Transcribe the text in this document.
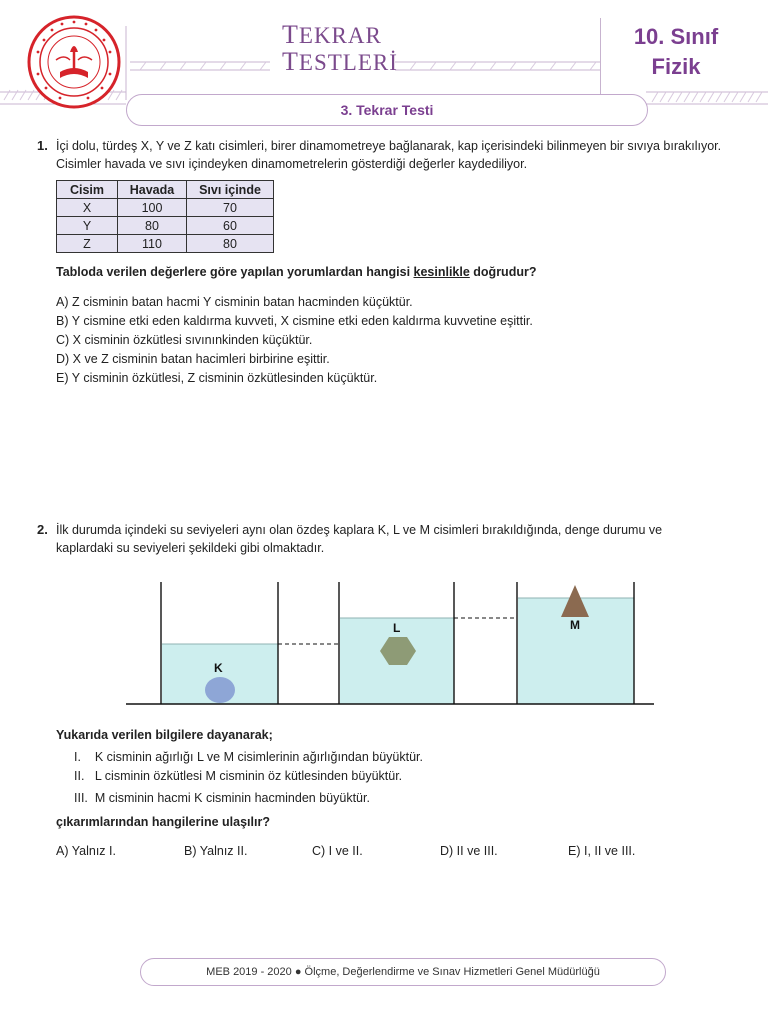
TEKRAR
TESTLERİ
10. Sınıf
Fizik
3. Tekrar Testi
1. İçi dolu, türdeş X, Y ve Z katı cisimleri, birer dinamometreye bağlanarak, kap içerisindeki bilinmeyen bir sıvıya bırakılıyor.
Cisimler havada ve sıvı içindeyken dinamometrelerin gösterdiği değerler kaydediliyor.
Cisim	Havada	Sıvı içinde
X	100	70
Y	80	60
Z	110	80
Tabloda verilen değerlere göre yapılan yorumlardan hangisi kesinlikle doğrudur?
A) Z cisminin batan hacmi Y cisminin batan hacminden küçüktür.
B) Y cismine etki eden kaldırma kuvveti, X cismine etki eden kaldırma kuvvetine eşittir.
C) X cisminin özkütlesi sıvınınkinden küçüktür.
D) X ve Z cisminin batan hacimleri birbirine eşittir.
E) Y cisminin özkütlesi, Z cisminin özkütlesinden küçüktür.
2. İlk durumda içindeki su seviyeleri aynı olan özdeş kaplara K, L ve M cisimleri bırakıldığında, denge durumu ve
kaplardaki su seviyeleri şekildeki gibi olmaktadır.
K
L	M
Yukarıda verilen bilgilere dayanarak;
I.    K cisminin ağırlığı L ve M cisimlerinin ağırlığından büyüktür.
II.   L cisminin özkütlesi M cisminin öz kütlesinden büyüktür.
III.  M cisminin hacmi K cisminin hacminden büyüktür.
çıkarımlarından hangilerine ulaşılır?
A) Yalnız I.	B) Yalnız II.	C) I ve II.	D) II ve III.	E) I, II ve III.
MEB 2019 - 2020 ● Ölçme, Değerlendirme ve Sınav Hizmetleri Genel Müdürlüğü
